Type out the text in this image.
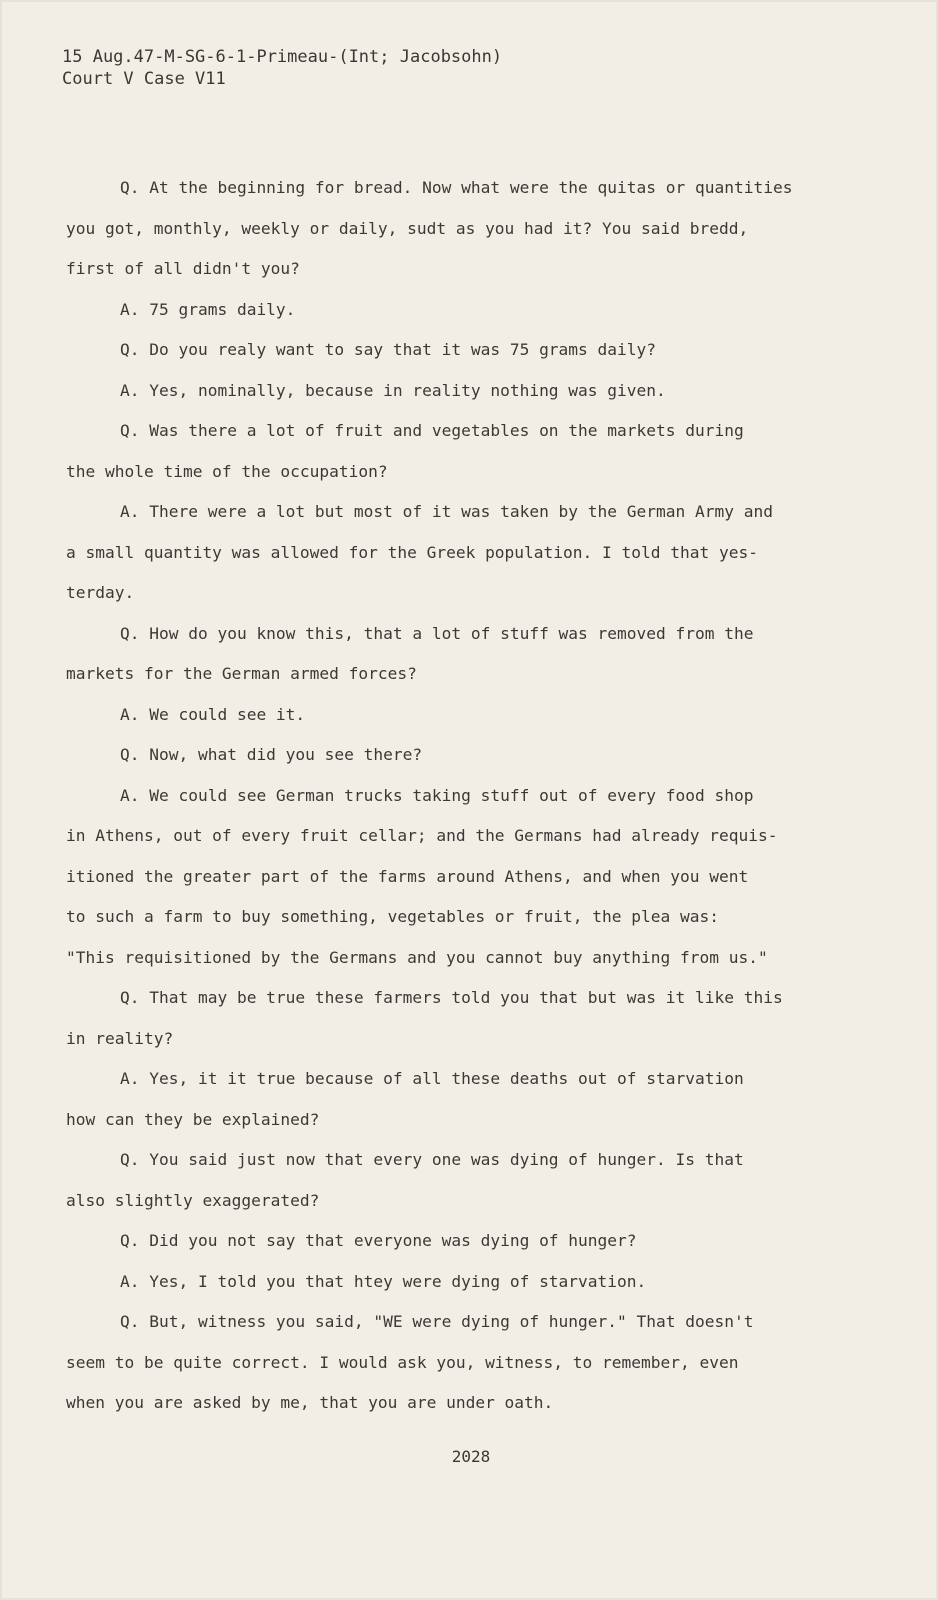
15 Aug.47-M-SG-6-1-Primeau-(Int; Jacobsohn)
Court V Case V11
Q. At the beginning for bread. Now what were the quitas or quantities
you got, monthly, weekly or daily, sudt as you had it? You said bredd,
first of all didn't you?
A. 75 grams daily.
Q. Do you realy want to say that it was 75 grams daily?
A. Yes, nominally, because in reality nothing was given.
Q. Was there a lot of fruit and vegetables on the markets during
the whole time of the occupation?
A. There were a lot but most of it was taken by the German Army and
a small quantity was allowed for the Greek population. I told that yes-
terday.
Q. How do you know this, that a lot of stuff was removed from the
markets for the German armed forces?
A. We could see it.
Q. Now, what did you see there?
A. We could see German trucks taking stuff out of every food shop
in Athens, out of every fruit cellar; and the Germans had already requis-
itioned the greater part of the farms around Athens, and when you went
to such a farm to buy something, vegetables or fruit, the plea was:
"This requisitioned by the Germans and you cannot buy anything from us."
Q. That may be true these farmers told you that but was it like this
in reality?
A. Yes, it it true because of all these deaths out of starvation
how can they be explained?
Q. You said just now that every one was dying of hunger. Is that
also slightly exaggerated?
Q. Did you not say that everyone was dying of hunger?
A. Yes, I told you that htey were dying of starvation.
Q. But, witness you said, "WE were dying of hunger." That doesn't
seem to be quite correct. I would ask you, witness, to remember, even
when you are asked by me, that you are under oath.
2028
